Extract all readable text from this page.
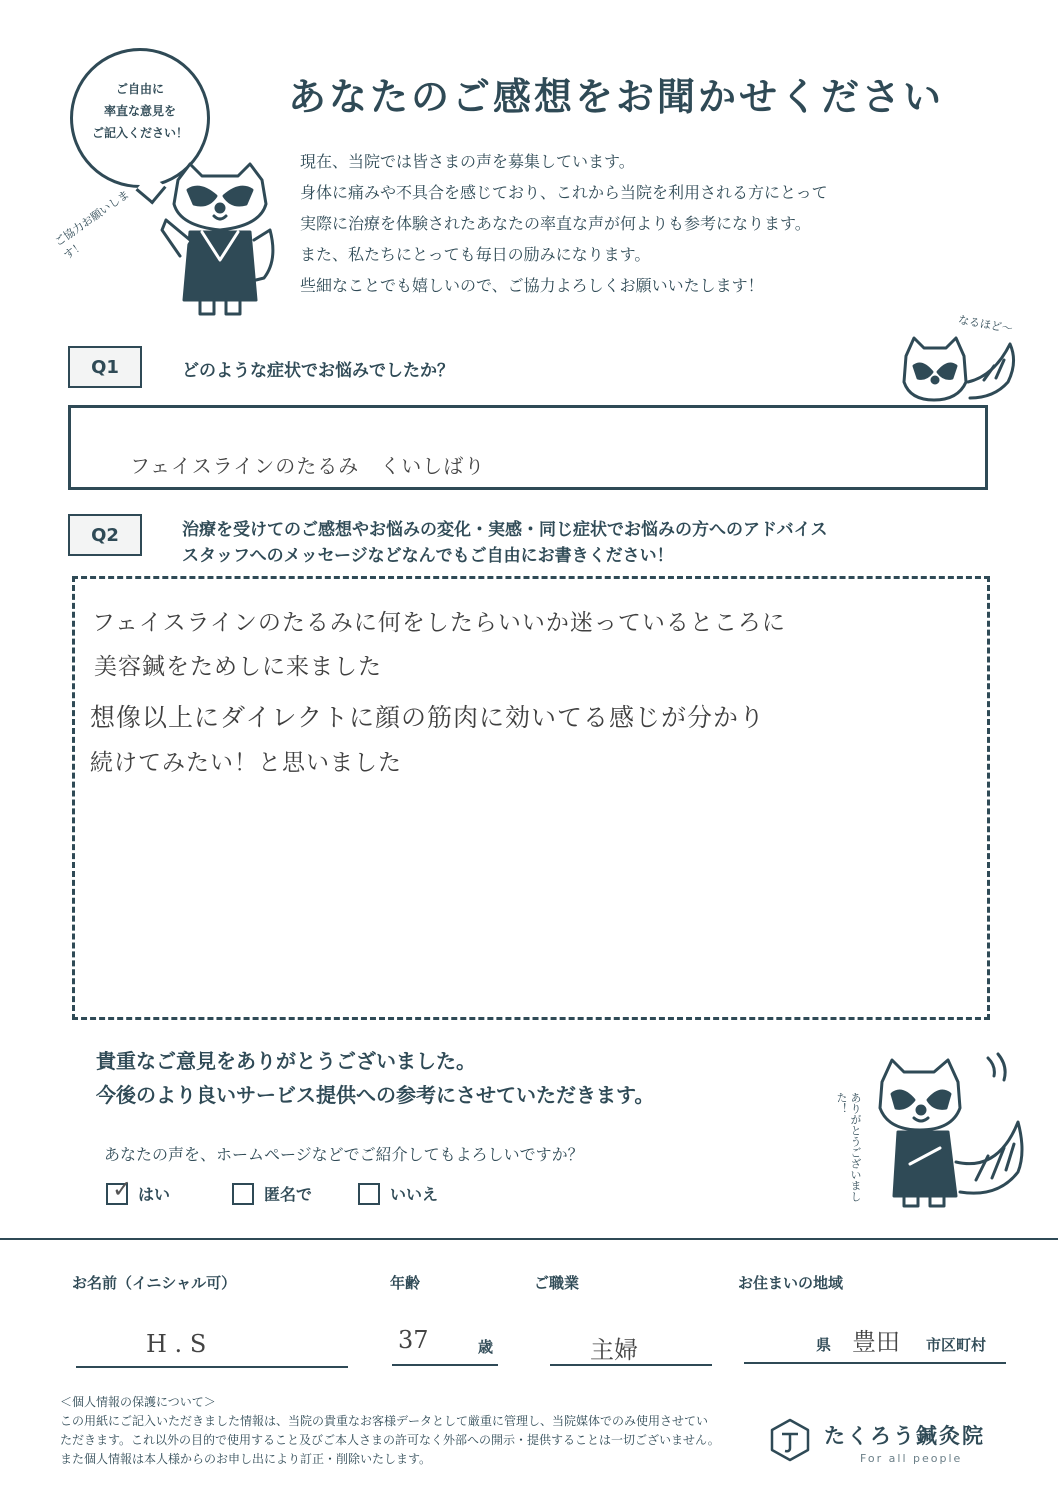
ご自由に
率直な意見を
ご記入ください！
ご協力お願いします！
あなたのご感想をお聞かせください
現在、当院では皆さまの声を募集しています。
身体に痛みや不具合を感じており、これから当院を利用される方にとって
実際に治療を体験されたあなたの率直な声が何よりも参考になります。
また、私たちにとっても毎日の励みになります。
些細なことでも嬉しいので、ご協力よろしくお願いいたします！
Q1	どのような症状でお悩みでしたか？
なるほど〜
フェイスラインのたるみ　くいしばり
Q2	治療を受けてのご感想やお悩みの変化・実感・同じ症状でお悩みの方へのアドバイス
スタッフへのメッセージなどなんでもご自由にお書きください！
フェイスラインのたるみに何をしたらいいか迷っているところに
美容鍼をためしに来ました
想像以上にダイレクトに顔の筋肉に効いてる感じが分かり
続けてみたい！と思いました
貴重なご意見をありがとうございました。
今後のより良いサービス提供への参考にさせていただきます。	ありがとうございました！
あなたの声を、ホームページなどでご紹介してもよろしいですか？
✓ はい	匿名で	いいえ
お名前（イニシャル可）
H . S
年齢
37	歳
ご職業
主婦
お住まいの地域
県 豊田 市区町村
＜個人情報の保護について＞
この用紙にご記入いただきました情報は、当院の貴重なお客様データとして厳重に管理し、当院媒体でのみ使用させてい
ただきます。これ以外の目的で使用すること及びご本人さまの許可なく外部への開示・提供することは一切ございません。
また個人情報は本人様からのお申し出により訂正・削除いたします。
たくろう鍼灸院
For all people
